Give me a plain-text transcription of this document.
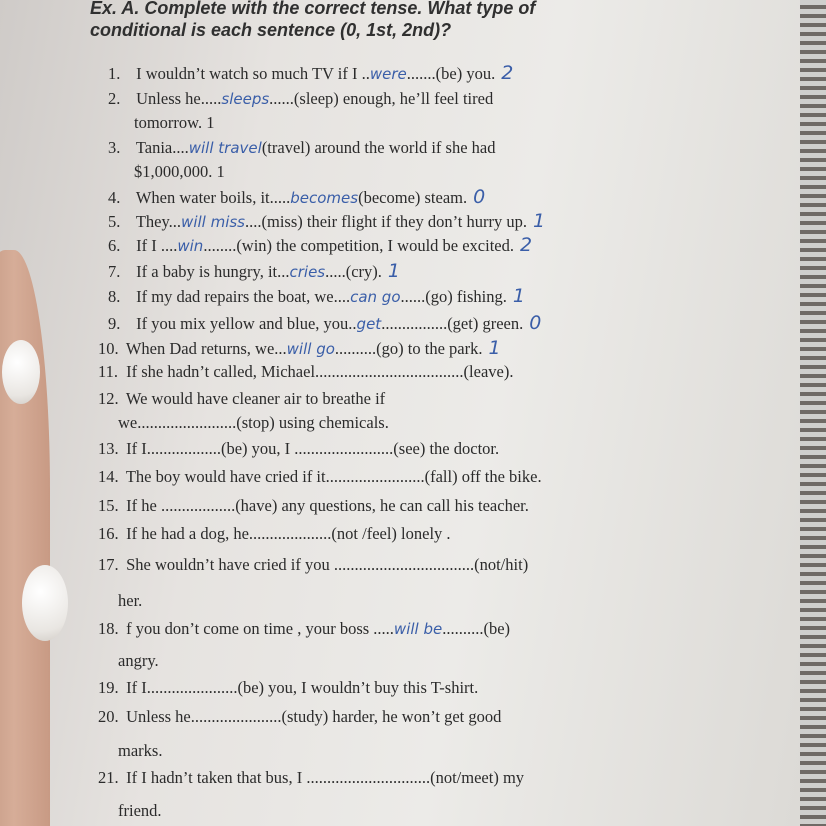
Ex. A. Complete with the correct tense. What type of
conditional is each sentence (0, 1st, 2nd)?
1. I wouldn’t watch so much TV if I ..were.......(be) you. 2
2. Unless he.....sleeps......(sleep) enough, he’ll feel tired
tomorrow. 1
3. Tania....will travel(travel) around the world if she had
$1,000,000. 1
4. When water boils, it.....becomes(become) steam. 0
5. They...will miss....(miss) their flight if they don’t hurry up. 1
6. If I ....win........(win) the competition, I would be excited. 2
7. If a baby is hungry, it...cries.....(cry). 1
8. If my dad repairs the boat, we....can go......(go) fishing. 1
9. If you mix yellow and blue, you..get................(get) green. 0
10. When Dad returns, we...will go..........(go) to the park. 1
11. If she hadn’t called, Michael....................................(leave).
12. We would have cleaner air to breathe if
we........................(stop) using chemicals.
13. If I..................(be) you, I ........................(see) the doctor.
14. The boy would have cried if it........................(fall) off the bike.
15. If he ..................(have) any questions, he can call his teacher.
16. If he had a dog, he....................(not /feel) lonely .
17. She wouldn’t have cried if you ..................................(not/hit)
her.
18. f you don’t come on time , your boss .....will be..........(be)
angry.
19. If I......................(be) you, I wouldn’t buy this T-shirt.
20. Unless he......................(study) harder, he won’t get good
marks.
21. If I hadn’t taken that bus, I ..............................(not/meet) my
friend.
